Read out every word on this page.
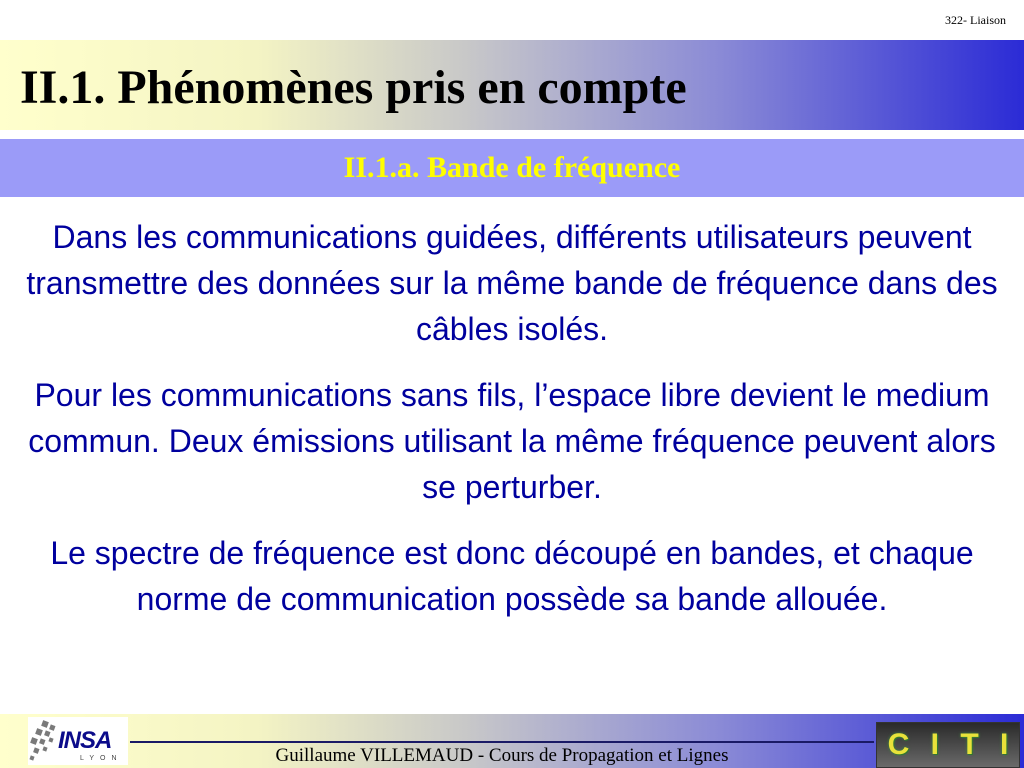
322- Liaison
II.1. Phénomènes pris en compte
II.1.a. Bande de fréquence

Dans les communications guidées, différents utilisateurs peuvent transmettre des données sur la même bande de fréquence dans des câbles isolés.

Pour les communications sans fils, l’espace libre devient le medium commun. Deux émissions utilisant la même fréquence peuvent alors se perturber.

Le spectre de fréquence est donc découpé en bandes, et chaque norme de communication possède sa bande allouée.

Guillaume VILLEMAUD - Cours de Propagation et Lignes

INSA
LYON	C I T I
